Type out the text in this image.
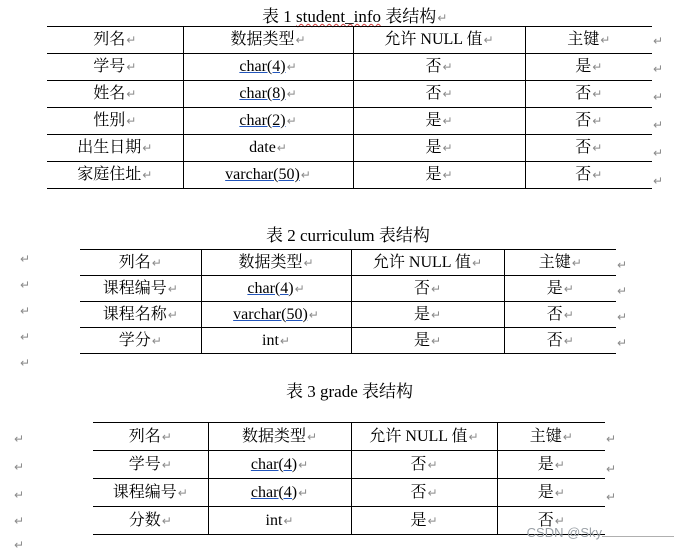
表 1 student_info 表结构↵
列名↵	数据类型↵	允许 NULL 值↵	主键↵
学号↵	char(4)↵	否↵	是↵
姓名↵	char(8)↵	否↵	否↵
性别↵	char(2)↵	是↵	否↵
出生日期↵	date↵	是↵	否↵
家庭住址↵	varchar(50)↵	是↵	否↵
表 2 curriculum 表结构
列名↵	数据类型↵	允许 NULL 值↵	主键↵
课程编号↵	char(4)↵	否↵	是↵
课程名称↵	varchar(50)↵	是↵	否↵
学分↵	int↵	是↵	否↵
表 3 grade 表结构
列名↵	数据类型↵	允许 NULL 值↵	主键↵
学号↵	char(4)↵	否↵	是↵
课程编号↵	char(4)↵	否↵	是↵
分数↵	int↵	是↵	否↵
CSDN @Sky
↵
↵
↵
↵
↵
↵
↵
↵
↵
↵
↵
↵
↵
↵
↵
↵
↵
↵
↵
↵
↵
↵
↵
